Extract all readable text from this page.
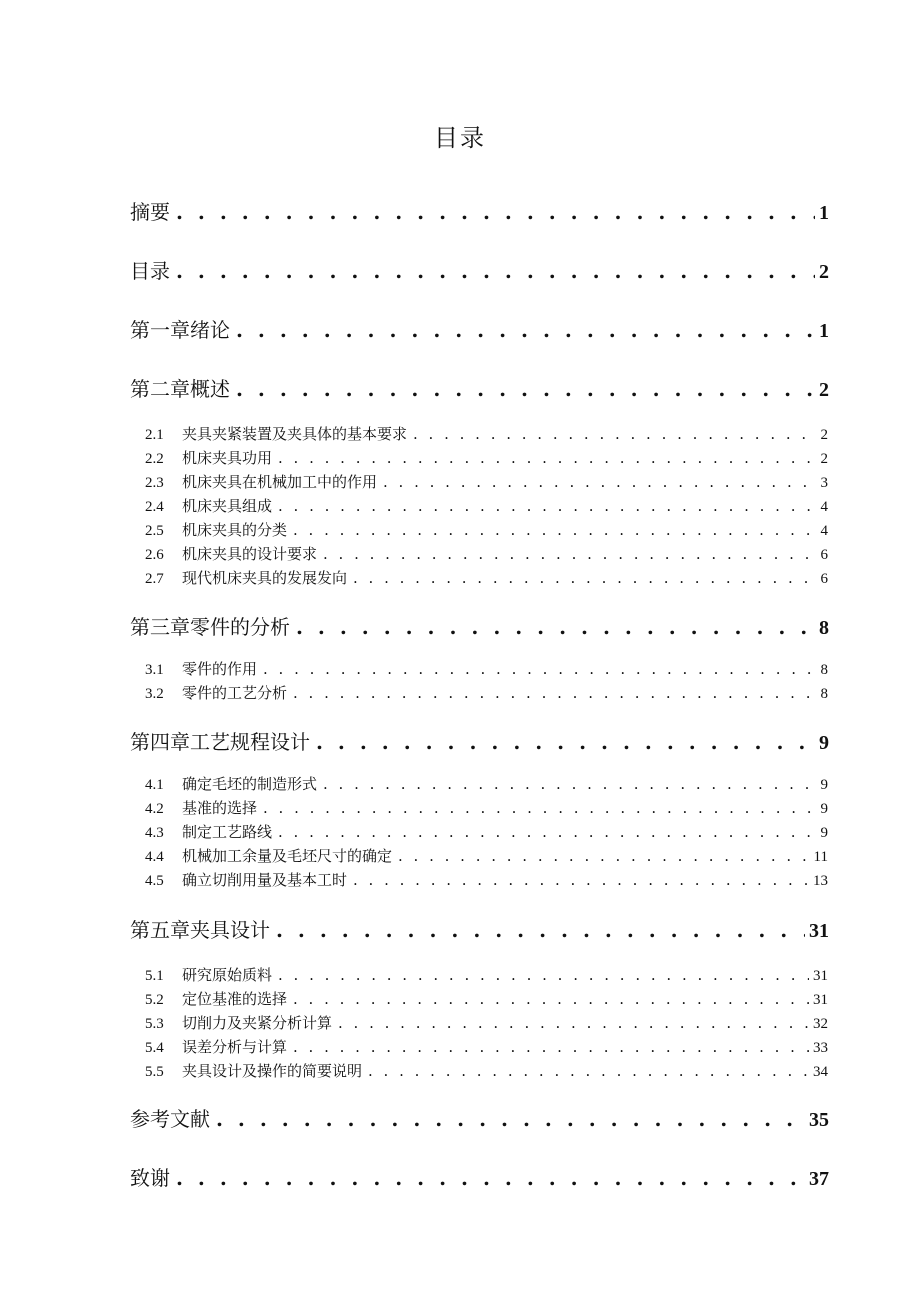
目录
摘要 . . .	1
目录 . . .	2
第一章绪论 . . .	1
第二章概述 . . .	2
2.1	夹具夹紧装置及夹具体的基本要求 . . .	2
2.2	机床夹具功用 . . .	2
2.3	机床夹具在机械加工中的作用 . . .	3
2.4	机床夹具组成 . . .	4
2.5	机床夹具的分类 . . .	4
2.6	机床夹具的设计要求 . . .	6
2.7	现代机床夹具的发展发向 . . .	6
第三章零件的分析 . . .	8
3.1	零件的作用 . . .	8
3.2	零件的工艺分析 . . .	8
第四章工艺规程设计 . . .	9
4.1	确定毛坯的制造形式 . . .	9
4.2	基准的选择 . . .	9
4.3	制定工艺路线 . . .	9
4.4	机械加工余量及毛坯尺寸的确定 . . .	11
4.5	确立切削用量及基本工时 . . .	13
第五章夹具设计 . . .	31
5.1	研究原始质料 . . .	31
5.2	定位基准的选择 . . .	31
5.3	切削力及夹紧分析计算 . . .	32
5.4	误差分析与计算 . . .	33
5.5	夹具设计及操作的简要说明 . . .	34
参考文献 . . .	35
致谢 . . .	37
